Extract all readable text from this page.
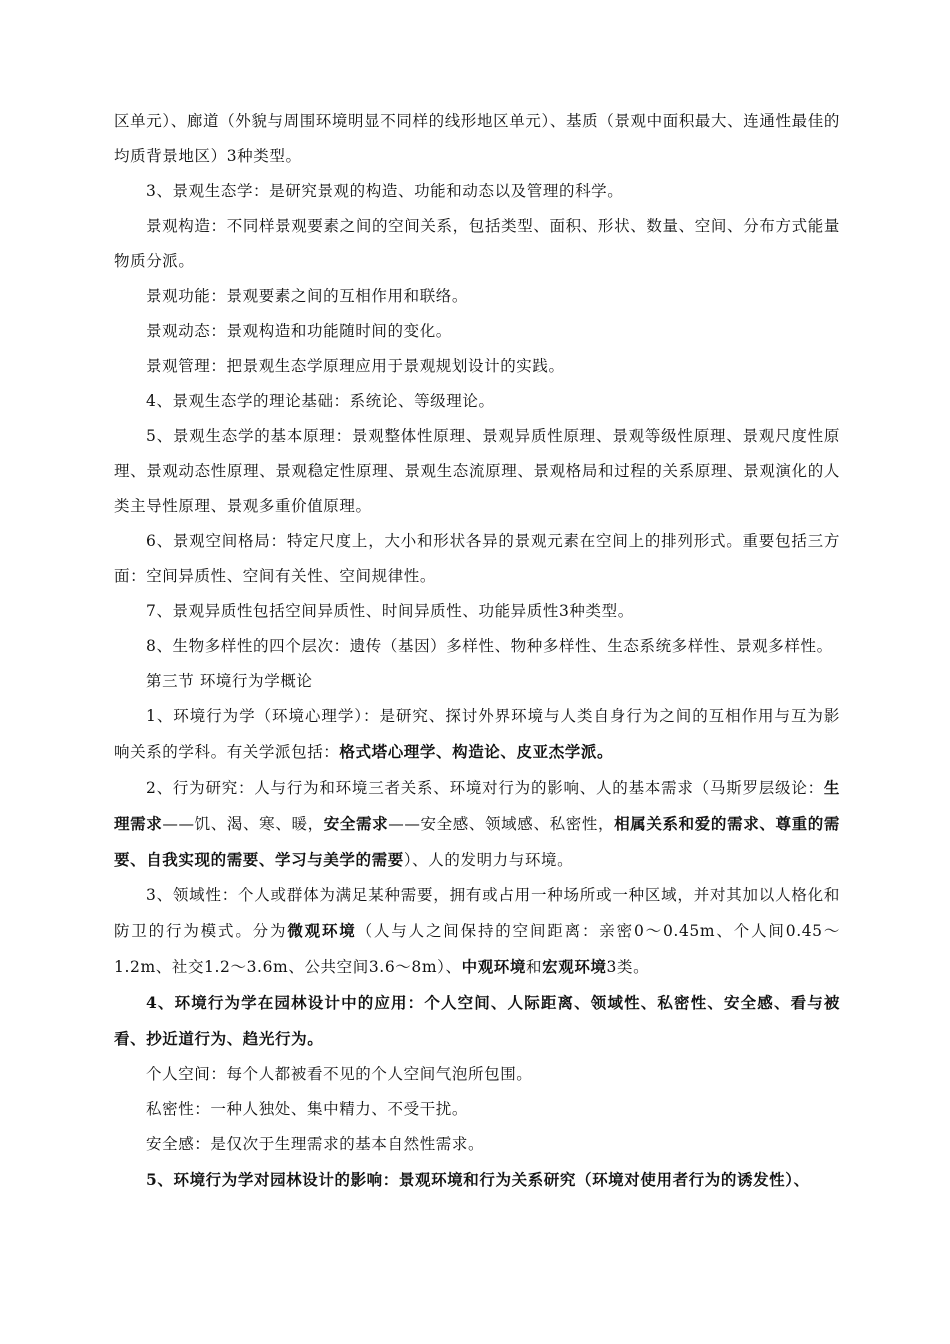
区单元）、廊道（外貌与周围环境明显不同样的线形地区单元）、基质（景观中面积最大、连通性最佳的均质背景地区）3种类型。

3、景观生态学：是研究景观的构造、功能和动态以及管理的科学。

景观构造：不同样景观要素之间的空间关系，包括类型、面积、形状、数量、空间、分布方式能量物质分派。

景观功能：景观要素之间的互相作用和联络。

景观动态：景观构造和功能随时间的变化。

景观管理：把景观生态学原理应用于景观规划设计的实践。

4、景观生态学的理论基础：系统论、等级理论。

5、景观生态学的基本原理：景观整体性原理、景观异质性原理、景观等级性原理、景观尺度性原理、景观动态性原理、景观稳定性原理、景观生态流原理、景观格局和过程的关系原理、景观演化的人类主导性原理、景观多重价值原理。

6、景观空间格局：特定尺度上，大小和形状各异的景观元素在空间上的排列形式。重要包括三方面：空间异质性、空间有关性、空间规律性。

7、景观异质性包括空间异质性、时间异质性、功能异质性3种类型。

8、生物多样性的四个层次：遗传（基因）多样性、物种多样性、生态系统多样性、景观多样性。

第三节 环境行为学概论

1、环境行为学（环境心理学）：是研究、探讨外界环境与人类自身行为之间的互相作用与互为影响关系的学科。有关学派包括：格式塔心理学、构造论、皮亚杰学派。

2、行为研究：人与行为和环境三者关系、环境对行为的影响、人的基本需求（马斯罗层级论：生理需求——饥、渴、寒、暖，安全需求——安全感、领域感、私密性，相属关系和爱的需求、尊重的需要、自我实现的需要、学习与美学的需要）、人的发明力与环境。

3、领域性：个人或群体为满足某种需要，拥有或占用一种场所或一种区域，并对其加以人格化和防卫的行为模式。分为微观环境（人与人之间保持的空间距离：亲密0～0.45m、个人间0.45～1.2m、社交1.2～3.6m、公共空间3.6～8m）、中观环境和宏观环境3类。

4、环境行为学在园林设计中的应用：个人空间、人际距离、领域性、私密性、安全感、看与被看、抄近道行为、趋光行为。

个人空间：每个人都被看不见的个人空间气泡所包围。

私密性：一种人独处、集中精力、不受干扰。

安全感：是仅次于生理需求的基本自然性需求。

5、环境行为学对园林设计的影响：景观环境和行为关系研究（环境对使用者行为的诱发性）、
